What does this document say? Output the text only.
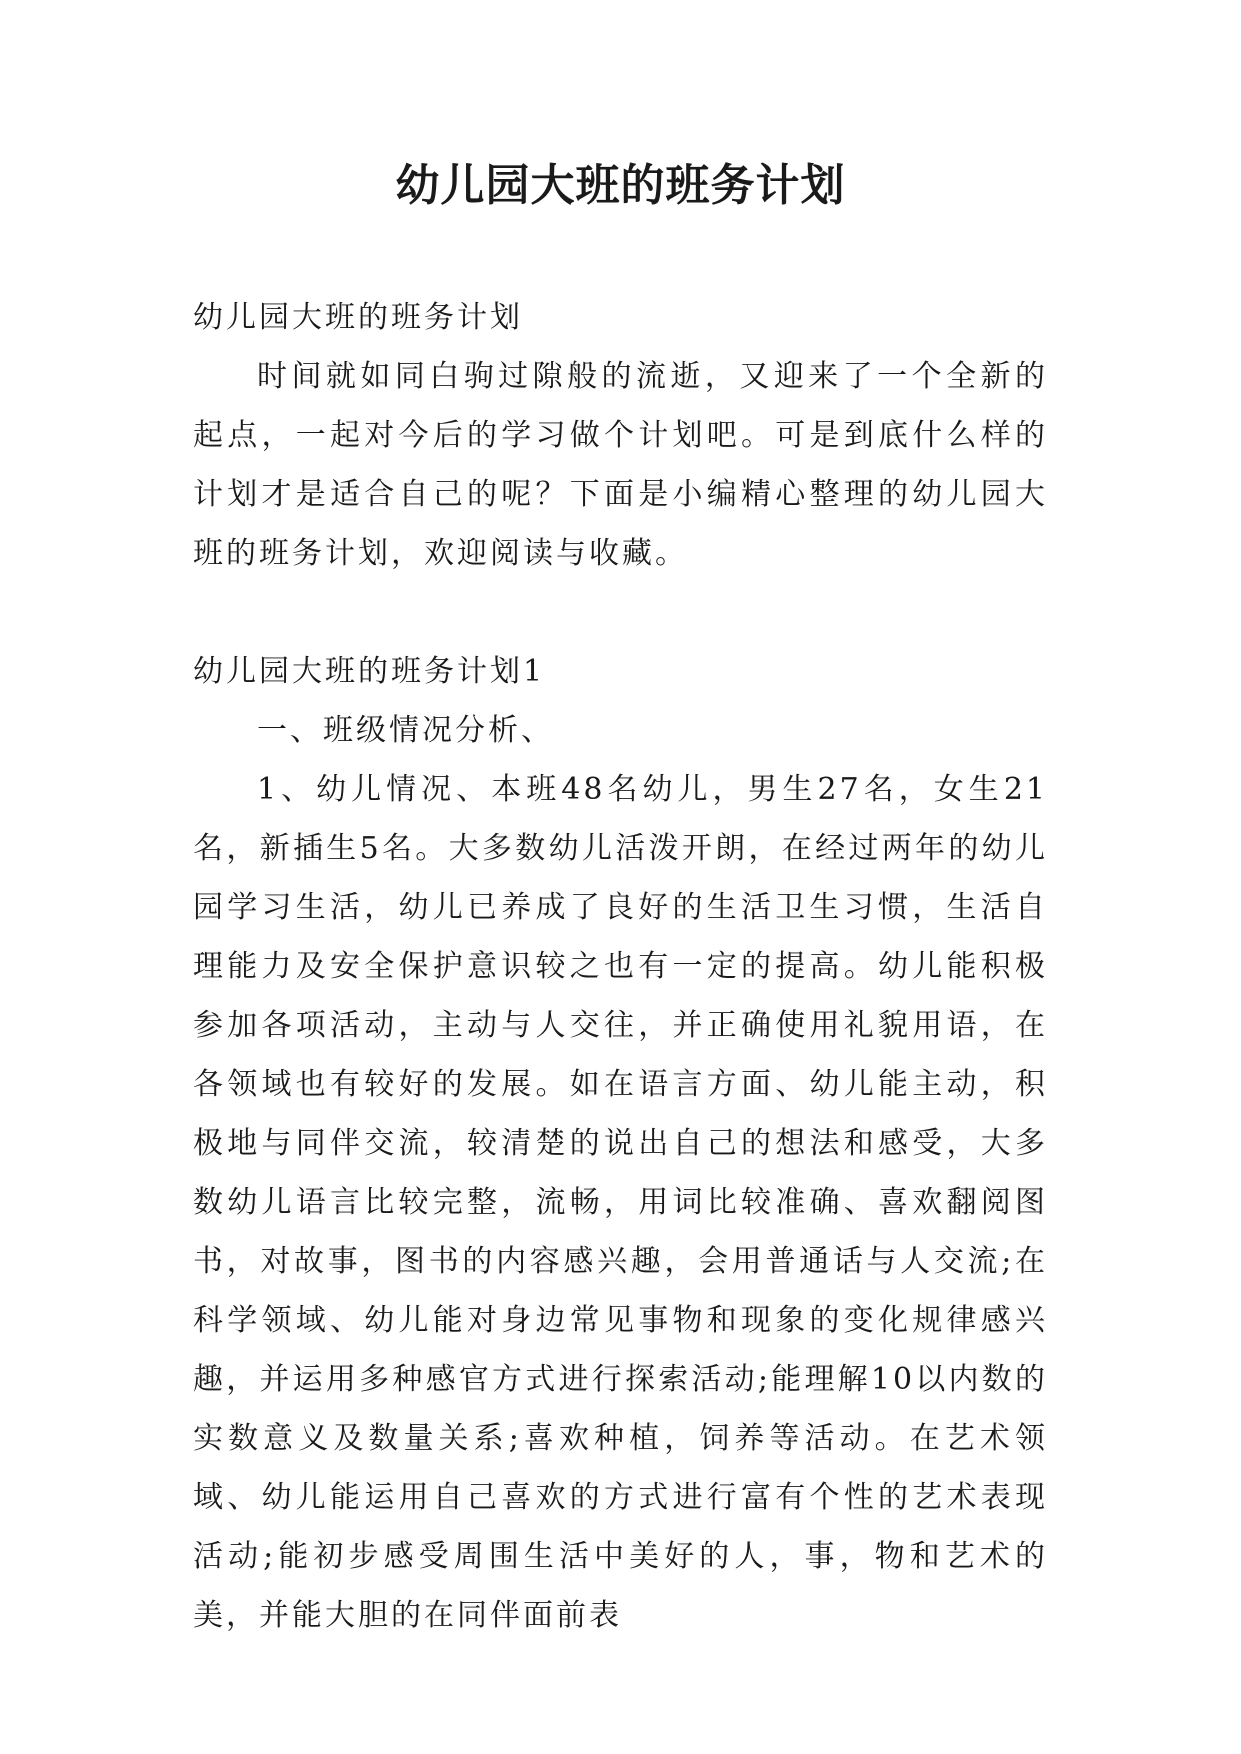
幼儿园大班的班务计划

幼儿园大班的班务计划

时间就如同白驹过隙般的流逝，又迎来了一个全新的起点，一起对今后的学习做个计划吧。可是到底什么样的计划才是适合自己的呢？下面是小编精心整理的幼儿园大班的班务计划，欢迎阅读与收藏。

幼儿园大班的班务计划1

一、班级情况分析、

1、幼儿情况、本班48名幼儿，男生27名，女生21名，新插生5名。大多数幼儿活泼开朗，在经过两年的幼儿园学习生活，幼儿已养成了良好的生活卫生习惯，生活自理能力及安全保护意识较之也有一定的提高。幼儿能积极参加各项活动，主动与人交往，并正确使用礼貌用语，在各领域也有较好的发展。如在语言方面、幼儿能主动，积极地与同伴交流，较清楚的说出自己的想法和感受，大多数幼儿语言比较完整，流畅，用词比较准确、喜欢翻阅图书，对故事，图书的内容感兴趣，会用普通话与人交流;在科学领域、幼儿能对身边常见事物和现象的变化规律感兴趣，并运用多种感官方式进行探索活动;能理解10以内数的实数意义及数量关系;喜欢种植，饲养等活动。在艺术领域、幼儿能运用自己喜欢的方式进行富有个性的艺术表现活动;能初步感受周围生活中美好的人，事，物和艺术的美，并能大胆的在同伴面前表
